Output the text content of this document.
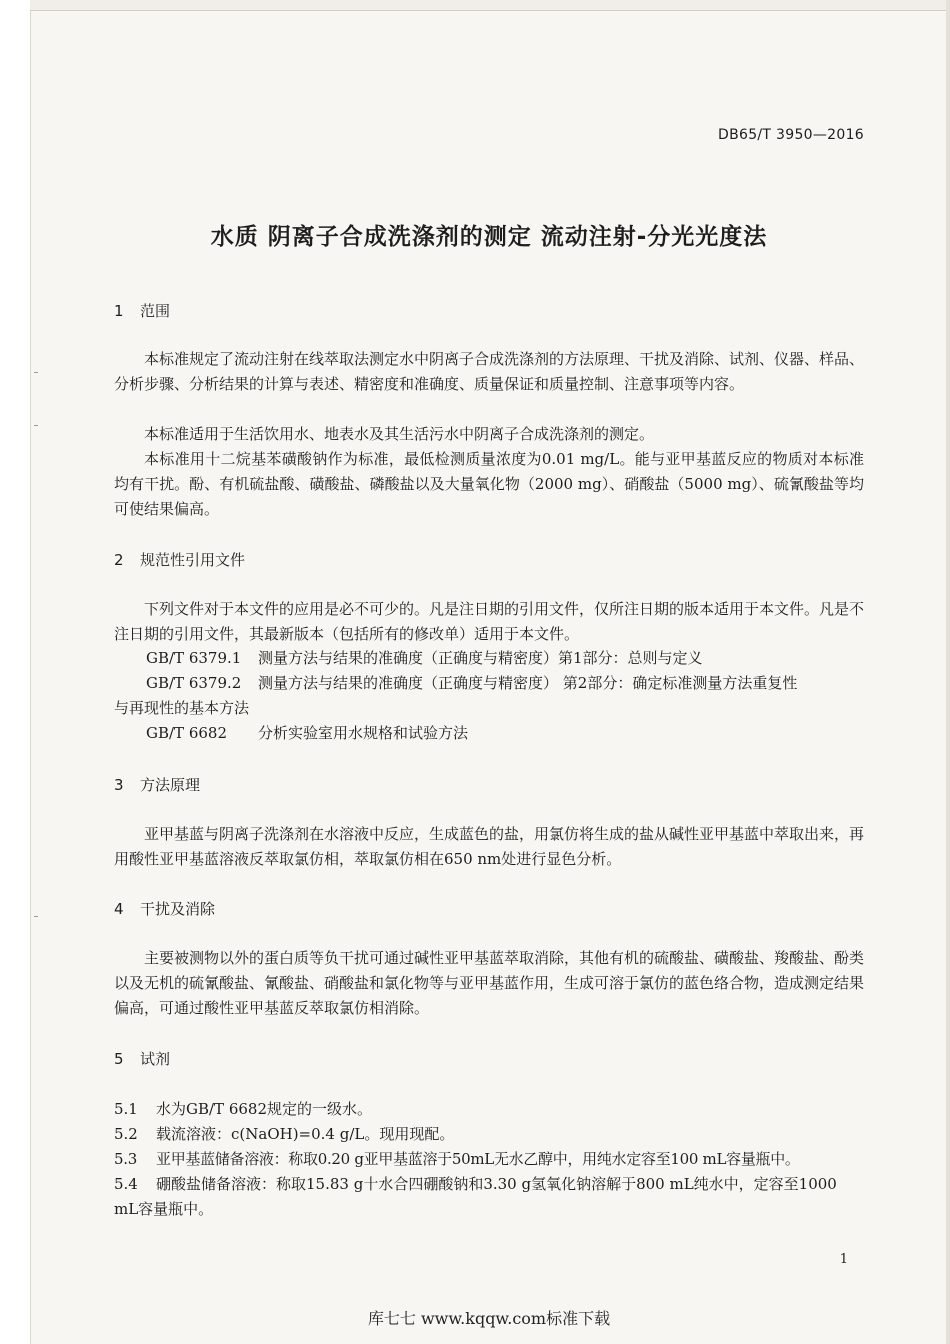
DB65/T 3950—2016
水质 阴离子合成洗涤剂的测定 流动注射-分光光度法
1 范围

本标准规定了流动注射在线萃取法测定水中阴离子合成洗涤剂的方法原理、干扰及消除、试剂、仪器、样品、分析步骤、分析结果的计算与表述、精密度和准确度、质量保证和质量控制、注意事项等内容。

本标准适用于生活饮用水、地表水及其生活污水中阴离子合成洗涤剂的测定。

本标准用十二烷基苯磺酸钠作为标准，最低检测质量浓度为0.01 mg/L。能与亚甲基蓝反应的物质对本标准均有干扰。酚、有机硫盐酸、磺酸盐、磷酸盐以及大量氧化物（2000 mg）、硝酸盐（5000 mg）、硫氰酸盐等均可使结果偏高。

2 规范性引用文件

下列文件对于本文件的应用是必不可少的。凡是注日期的引用文件，仅所注日期的版本适用于本文件。凡是不注日期的引用文件，其最新版本（包括所有的修改单）适用于本文件。

GB/T 6379.1 测量方法与结果的准确度（正确度与精密度）第1部分：总则与定义
GB/T 6379.2 测量方法与结果的准确度（正确度与精密度） 第2部分：确定标准测量方法重复性
与再现性的基本方法
GB/T 6682 分析实验室用水规格和试验方法
3 方法原理

亚甲基蓝与阴离子洗涤剂在水溶液中反应，生成蓝色的盐，用氯仿将生成的盐从碱性亚甲基蓝中萃取出来，再用酸性亚甲基蓝溶液反萃取氯仿相，萃取氯仿相在650 nm处进行显色分析。

4 干扰及消除

主要被测物以外的蛋白质等负干扰可通过碱性亚甲基蓝萃取消除，其他有机的硫酸盐、磺酸盐、羧酸盐、酚类以及无机的硫氰酸盐、氰酸盐、硝酸盐和氯化物等与亚甲基蓝作用，生成可溶于氯仿的蓝色络合物，造成测定结果偏高，可通过酸性亚甲基蓝反萃取氯仿相消除。

5 试剂

5.1 水为GB/T 6682规定的一级水。

5.2 载流溶液：c(NaOH)=0.4 g/L。现用现配。

5.3 亚甲基蓝储备溶液：称取0.20 g亚甲基蓝溶于50mL无水乙醇中，用纯水定容至100 mL容量瓶中。

5.4 硼酸盐储备溶液：称取15.83 g十水合四硼酸钠和3.30 g氢氧化钠溶解于800 mL纯水中，定容至1000 mL容量瓶中。

1
库七七 www.kqqw.com标准下载
